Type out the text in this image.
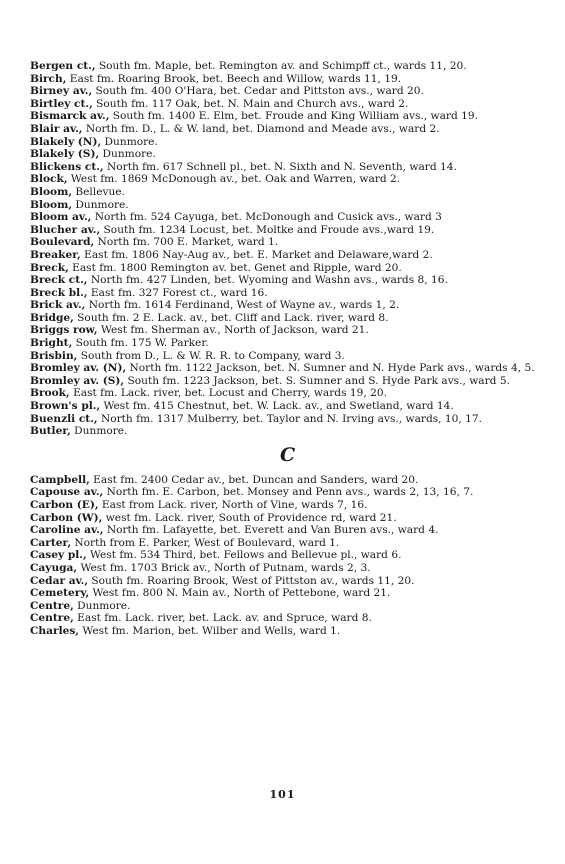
Bergen ct., South fm. Maple, bet. Remington av. and Schimpff ct., wards 11, 20.

Birch, East fm. Roaring Brook, bet. Beech and Willow, wards 11, 19.

Birney av., South fm. 400 O'Hara, bet. Cedar and Pittston avs., ward 20.

Birtley ct., South fm. 117 Oak, bet. N. Main and Church avs., ward 2.

Bismarck av., South fm. 1400 E. Elm, bet. Froude and King William avs., ward 19.

Blair av., North fm. D., L. & W. land, bet. Diamond and Meade avs., ward 2.

Blakely (N), Dunmore.

Blakely (S), Dunmore.

Blickens ct., North fm. 617 Schnell pl., bet. N. Sixth and N. Seventh, ward 14.

Block, West fm. 1869 McDonough av., bet. Oak and Warren, ward 2.

Bloom, Bellevue.

Bloom, Dunmore.

Bloom av., North fm. 524 Cayuga, bet. McDonough and Cusick avs., ward 3

Blucher av., South fm. 1234 Locust, bet. Moltke and Froude avs.,ward 19.

Boulevard, North fm. 700 E. Market, ward 1.

Breaker, East fm. 1806 Nay-Aug av., bet. E. Market and Delaware,ward 2.

Breck, East fm. 1800 Remington av. bet. Genet and Ripple, ward 20.

Breck ct., North fm. 427 Linden, bet. Wyoming and Washn avs., wards 8, 16.

Breck bl., East fm. 327 Forest ct., ward 16.

Brick av., North fm. 1614 Ferdinand, West of Wayne av., wards 1, 2.

Bridge, South fm. 2 E. Lack. av., bet. Cliff and Lack. river, ward 8.

Briggs row, West fm. Sherman av., North of Jackson, ward 21.

Bright, South fm. 175 W. Parker.

Brisbin, South from D., L. & W. R. R. to Company, ward 3.

Bromley av. (N), North fm. 1122 Jackson, bet. N. Sumner and N. Hyde Park avs., wards 4, 5.

Bromley av. (S), South fm. 1223 Jackson, bet. S. Sumner and S. Hyde Park avs., ward 5.

Brook, East fm. Lack. river, bet. Locust and Cherry, wards 19, 20.

Brown's pl., West fm. 415 Chestnut, bet. W. Lack. av., and Swetland, ward 14.

Buenzli ct., North fm. 1317 Mulberry, bet. Taylor and N. Irving avs., wards, 10, 17.

Butler, Dunmore.

C

Campbell, East fm. 2400 Cedar av., bet. Duncan and Sanders, ward 20.

Capouse av., North fm. E. Carbon, bet. Monsey and Penn avs., wards 2, 13, 16, 7.

Carbon (E), East from Lack. river, North of Vine, wards 7, 16.

Carbon (W), west fm. Lack. river, South of Providence rd, ward 21.

Caroline av., North fm. Lafayette, bet. Everett and Van Buren avs., ward 4.

Carter, North from E. Parker, West of Boulevard, ward 1.

Casey pl., West fm. 534 Third, bet. Fellows and Bellevue pl., ward 6.

Cayuga, West fm. 1703 Brick av., North of Putnam, wards 2, 3.

Cedar av., South fm. Roaring Brook, West of Pittston av., wards 11, 20.

Cemetery, West fm. 800 N. Main av., North of Pettebone, ward 21.

Centre, Dunmore.

Centre, East fm. Lack. river, bet. Lack. av. and Spruce, ward 8.

Charles, West fm. Marion, bet. Wilber and Wells, ward 1.

101
